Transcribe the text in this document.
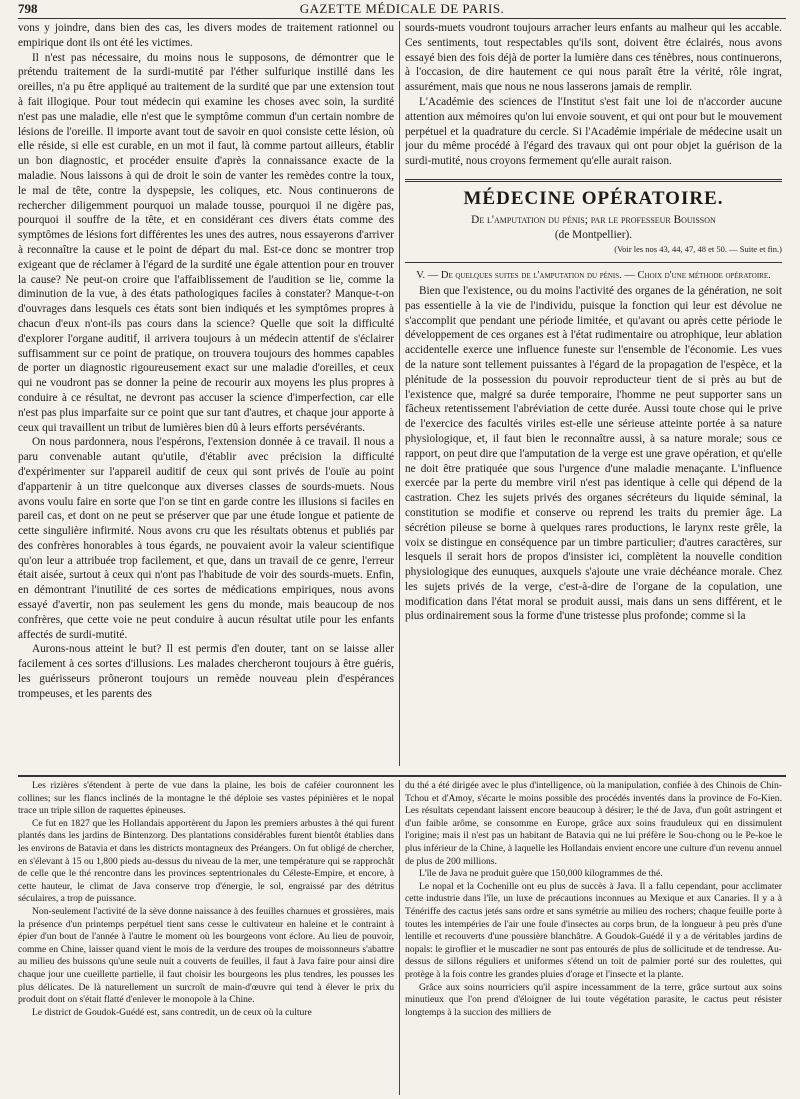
798	GAZETTE MÉDICALE DE PARIS.

vons y joindre, dans bien des cas, les divers modes de traitement rationnel ou empirique dont ils ont été les victimes.

Il n'est pas nécessaire, du moins nous le supposons, de démontrer que le prétendu traitement de la surdi-mutité par l'éther sulfurique instillé dans les oreilles, n'a pu être appliqué au traitement de la surdité que par une extension tout à fait illogique. Pour tout médecin qui examine les choses avec soin, la surdité n'est pas une maladie, elle n'est que le symptôme commun d'un certain nombre de lésions de l'oreille. Il importe avant tout de savoir en quoi consiste cette lésion, où elle réside, si elle est curable, en un mot il faut, là comme partout ailleurs, établir un bon diagnostic, et procéder ensuite d'après la connaissance exacte de la maladie. Nous laissons à qui de droit le soin de vanter les remèdes contre la toux, le mal de tête, contre la dyspepsie, les coliques, etc. Nous continuerons de rechercher diligemment pourquoi un malade tousse, pourquoi il ne digère pas, pourquoi il souffre de la tête, et en considérant ces divers états comme des symptômes de lésions fort différentes les unes des autres, nous essayerons d'arriver à reconnaître la cause et le point de départ du mal. Est-ce donc se montrer trop exigeant que de réclamer à l'égard de la surdité une égale attention pour en trouver la cause? Ne peut-on croire que l'affaiblissement de l'audition se lie, comme la diminution de la vue, à des états pathologiques faciles à constater? Manque-t-on d'ouvrages dans lesquels ces états sont bien indiqués et les symptômes propres à chacun d'eux n'ont-ils pas cours dans la science? Quelle que soit la difficulté d'explorer l'organe auditif, il arrivera toujours à un médecin attentif de s'éclairer suffisamment sur ce point de pratique, on trouvera toujours des hommes capables de porter un diagnostic rigoureusement exact sur une maladie d'oreilles, et ceux qui ne voudront pas se donner la peine de recourir aux moyens les plus propres à conduire à ce résultat, ne devront pas accuser la science d'imperfection, car elle n'est pas plus imparfaite sur ce point que sur tant d'autres, et chaque jour apporte à ceux qui travaillent un tribut de lumières bien dû à leurs efforts persévérants.

On nous pardonnera, nous l'espérons, l'extension donnée à ce travail. Il nous a paru convenable autant qu'utile, d'établir avec précision la difficulté d'expérimenter sur l'appareil auditif de ceux qui sont privés de l'ouïe au point d'appartenir à un titre quelconque aux diverses classes de sourds-muets. Nous avons voulu faire en sorte que l'on se tint en garde contre les illusions si faciles en pareil cas, et dont on ne peut se préserver que par une étude longue et patiente de cette singulière infirmité. Nous avons cru que les résultats obtenus et publiés par des confrères honorables à tous égards, ne pouvaient avoir la valeur scientifique qu'on leur a attribuée trop facilement, et que, dans un travail de ce genre, l'erreur était aisée, surtout à ceux qui n'ont pas l'habitude de voir des sourds-muets. Enfin, en démontrant l'inutilité de ces sortes de médications empiriques, nous avons essayé d'avertir, non pas seulement les gens du monde, mais beaucoup de nos confrères, que cette voie ne peut conduire à aucun résultat utile pour les enfants affectés de surdi-mutité.

Aurons-nous atteint le but? Il est permis d'en douter, tant on se laisse aller facilement à ces sortes d'illusions. Les malades chercheront toujours à être guéris, les guérisseurs prôneront toujours un remède nouveau plein d'espérances trompeuses, et les parents des

sourds-muets voudront toujours arracher leurs enfants au malheur qui les accable. Ces sentiments, tout respectables qu'ils sont, doivent être éclairés, nous avons essayé bien des fois déjà de porter la lumière dans ces ténèbres, nous continuerons, à l'occasion, de dire hautement ce qui nous paraît être la vérité, rôle ingrat, assurément, mais que nous ne nous lasserons jamais de remplir.

L'Académie des sciences de l'Institut s'est fait une loi de n'accorder aucune attention aux mémoires qu'on lui envoie souvent, et qui ont pour but le mouvement perpétuel et la quadrature du cercle. Si l'Académie impériale de médecine usait un jour du même procédé à l'égard des travaux qui ont pour objet la guérison de la surdi-mutité, nous croyons fermement qu'elle aurait raison.

MÉDECINE OPÉRATOIRE.

De l'amputation du pénis; par le professeur Bouisson
(de Montpellier).

(Voir les nos 43, 44, 47, 48 et 50. — Suite et fin.)

V. — De quelques suites de l'amputation du pénis. — Choix d'une méthode opératoire.

Bien que l'existence, ou du moins l'activité des organes de la génération, ne soit pas essentielle à la vie de l'individu, puisque la fonction qui leur est dévolue ne s'accomplit que pendant une période limitée, et qu'avant ou après cette période le développement de ces organes est à l'état rudimentaire ou atrophique, leur ablation accidentelle exerce une influence funeste sur l'ensemble de l'économie. Les vues de la nature sont tellement puissantes à l'égard de la propagation de l'espèce, et la plénitude de la possession du pouvoir reproducteur tient de si près au but de l'existence que, malgré sa durée temporaire, l'homme ne peut supporter sans un fâcheux retentissement l'abréviation de cette durée. Aussi toute chose qui le prive de l'exercice des facultés viriles est-elle une sérieuse atteinte portée à sa nature physiologique, et, il faut bien le reconnaître aussi, à sa nature morale; sous ce rapport, on peut dire que l'amputation de la verge est une grave opération, et qu'elle ne doit être pratiquée que sous l'urgence d'une maladie menaçante. L'influence exercée par la perte du membre viril n'est pas identique à celle qui dépend de la castration. Chez les sujets privés des organes sécréteurs du liquide séminal, la constitution se modifie et conserve ou reprend les traits du premier âge. La sécrétion pileuse se borne à quelques rares productions, le larynx reste grêle, la voix se distingue en conséquence par un timbre particulier; d'autres caractères, sur lesquels il serait hors de propos d'insister ici, complètent la nouvelle condition physiologique des eunuques, auxquels s'ajoute une vraie déchéance morale. Chez les sujets privés de la verge, c'est-à-dire de l'organe de la copulation, une modification dans l'état moral se produit aussi, mais dans un sens différent, et le plus ordinairement sous la forme d'une tristesse plus profonde; comme si la

Les rizières s'étendent à perte de vue dans la plaine, les bois de caféier couronnent les collines; sur les flancs inclinés de la montagne le thé déploie ses vastes pépinières et le nopal trace un triple sillon de raquettes épineuses.

Ce fut en 1827 que les Hollandais apportèrent du Japon les premiers arbustes à thé qui furent plantés dans les jardins de Bintenzorg. Des plantations considérables furent bientôt établies dans les environs de Batavia et dans les districts montagneux des Préangers. On fut obligé de chercher, en s'élevant à 15 ou 1,800 pieds au-dessus du niveau de la mer, une température qui se rapprochât de celle que le thé rencontre dans les provinces septentrionales du Céleste-Empire, et encore, à cette hauteur, le climat de Java conserve trop d'énergie, le sol, engraissé par des détritus séculaires, a trop de puissance.

Non-seulement l'activité de la sève donne naissance à des feuilles charnues et grossières, mais la présence d'un printemps perpétuel tient sans cesse le cultivateur en haleine et le contraint à épier d'un bout de l'année à l'autre le moment où les bourgeons vont éclore. Au lieu de pouvoir, comme en Chine, laisser quand vient le mois de la verdure des troupes de moissonneurs s'abattre au milieu des buissons qu'une seule nuit a couverts de feuilles, il faut à Java faire pour ainsi dire chaque jour une cueillette partielle, il faut choisir les bourgeons les plus tendres, les pousses les plus délicates. De là naturellement un surcroît de main-d'œuvre qui tend à élever le prix du produit dont on s'était flatté d'enlever le monopole à la Chine.

Le district de Goudok-Guédé est, sans contredit, un de ceux où la culture

du thé a été dirigée avec le plus d'intelligence, où la manipulation, confiée à des Chinois de Chin-Tchou et d'Amoy, s'écarte le moins possible des procédés inventés dans la province de Fo-Kien. Les résultats cependant laissent encore beaucoup à désirer; le thé de Java, d'un goût astringent et d'un faible arôme, se consomme en Europe, grâce aux soins frauduleux qui en dissimulent l'origine; mais il n'est pas un habitant de Batavia qui ne lui préfère le Sou-chong ou le Pe-koe le plus inférieur de la Chine, à laquelle les Hollandais envient encore une culture d'un revenu annuel de plus de 200 millions.

L'île de Java ne produit guère que 150,000 kilogrammes de thé.

Le nopal et la Cochenille ont eu plus de succès à Java. Il a fallu cependant, pour acclimater cette industrie dans l'île, un luxe de précautions inconnues au Mexique et aux Canaries. Il y a à Ténériffe des cactus jetés sans ordre et sans symétrie au milieu des rochers; chaque feuille porte à toutes les intempéries de l'air une foule d'insectes au corps brun, de la longueur à peu près d'une lentille et recouverts d'une poussière blanchâtre. A Goudok-Guédé il y a de véritables jardins de nopals: le giroflier et le muscadier ne sont pas entourés de plus de sollicitude et de tendresse. Au-dessus de sillons réguliers et uniformes s'étend un toit de palmier porté sur des roulettes, qui protège à la fois contre les grandes pluies d'orage et l'insecte et la plante.

Grâce aux soins nourriciers qu'il aspire incessamment de la terre, grâce surtout aux soins minutieux que l'on prend d'éloigner de lui toute végétation parasite, le cactus peut résister longtemps à la succion des milliers de
